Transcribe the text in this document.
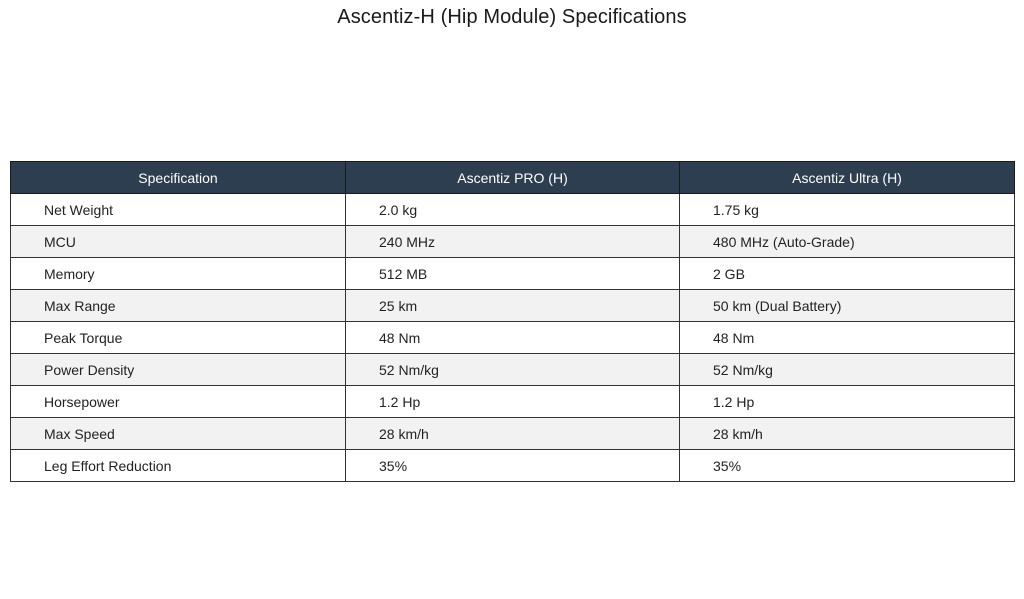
Ascentiz-H (Hip Module) Specifications
Specification	Ascentiz PRO (H)	Ascentiz Ultra (H)
Net Weight	2.0 kg	1.75 kg
MCU	240 MHz	480 MHz (Auto-Grade)
Memory	512 MB	2 GB
Max Range	25 km	50 km (Dual Battery)
Peak Torque	48 Nm	48 Nm
Power Density	52 Nm/kg	52 Nm/kg
Horsepower	1.2 Hp	1.2 Hp
Max Speed	28 km/h	28 km/h
Leg Effort Reduction	35%	35%
